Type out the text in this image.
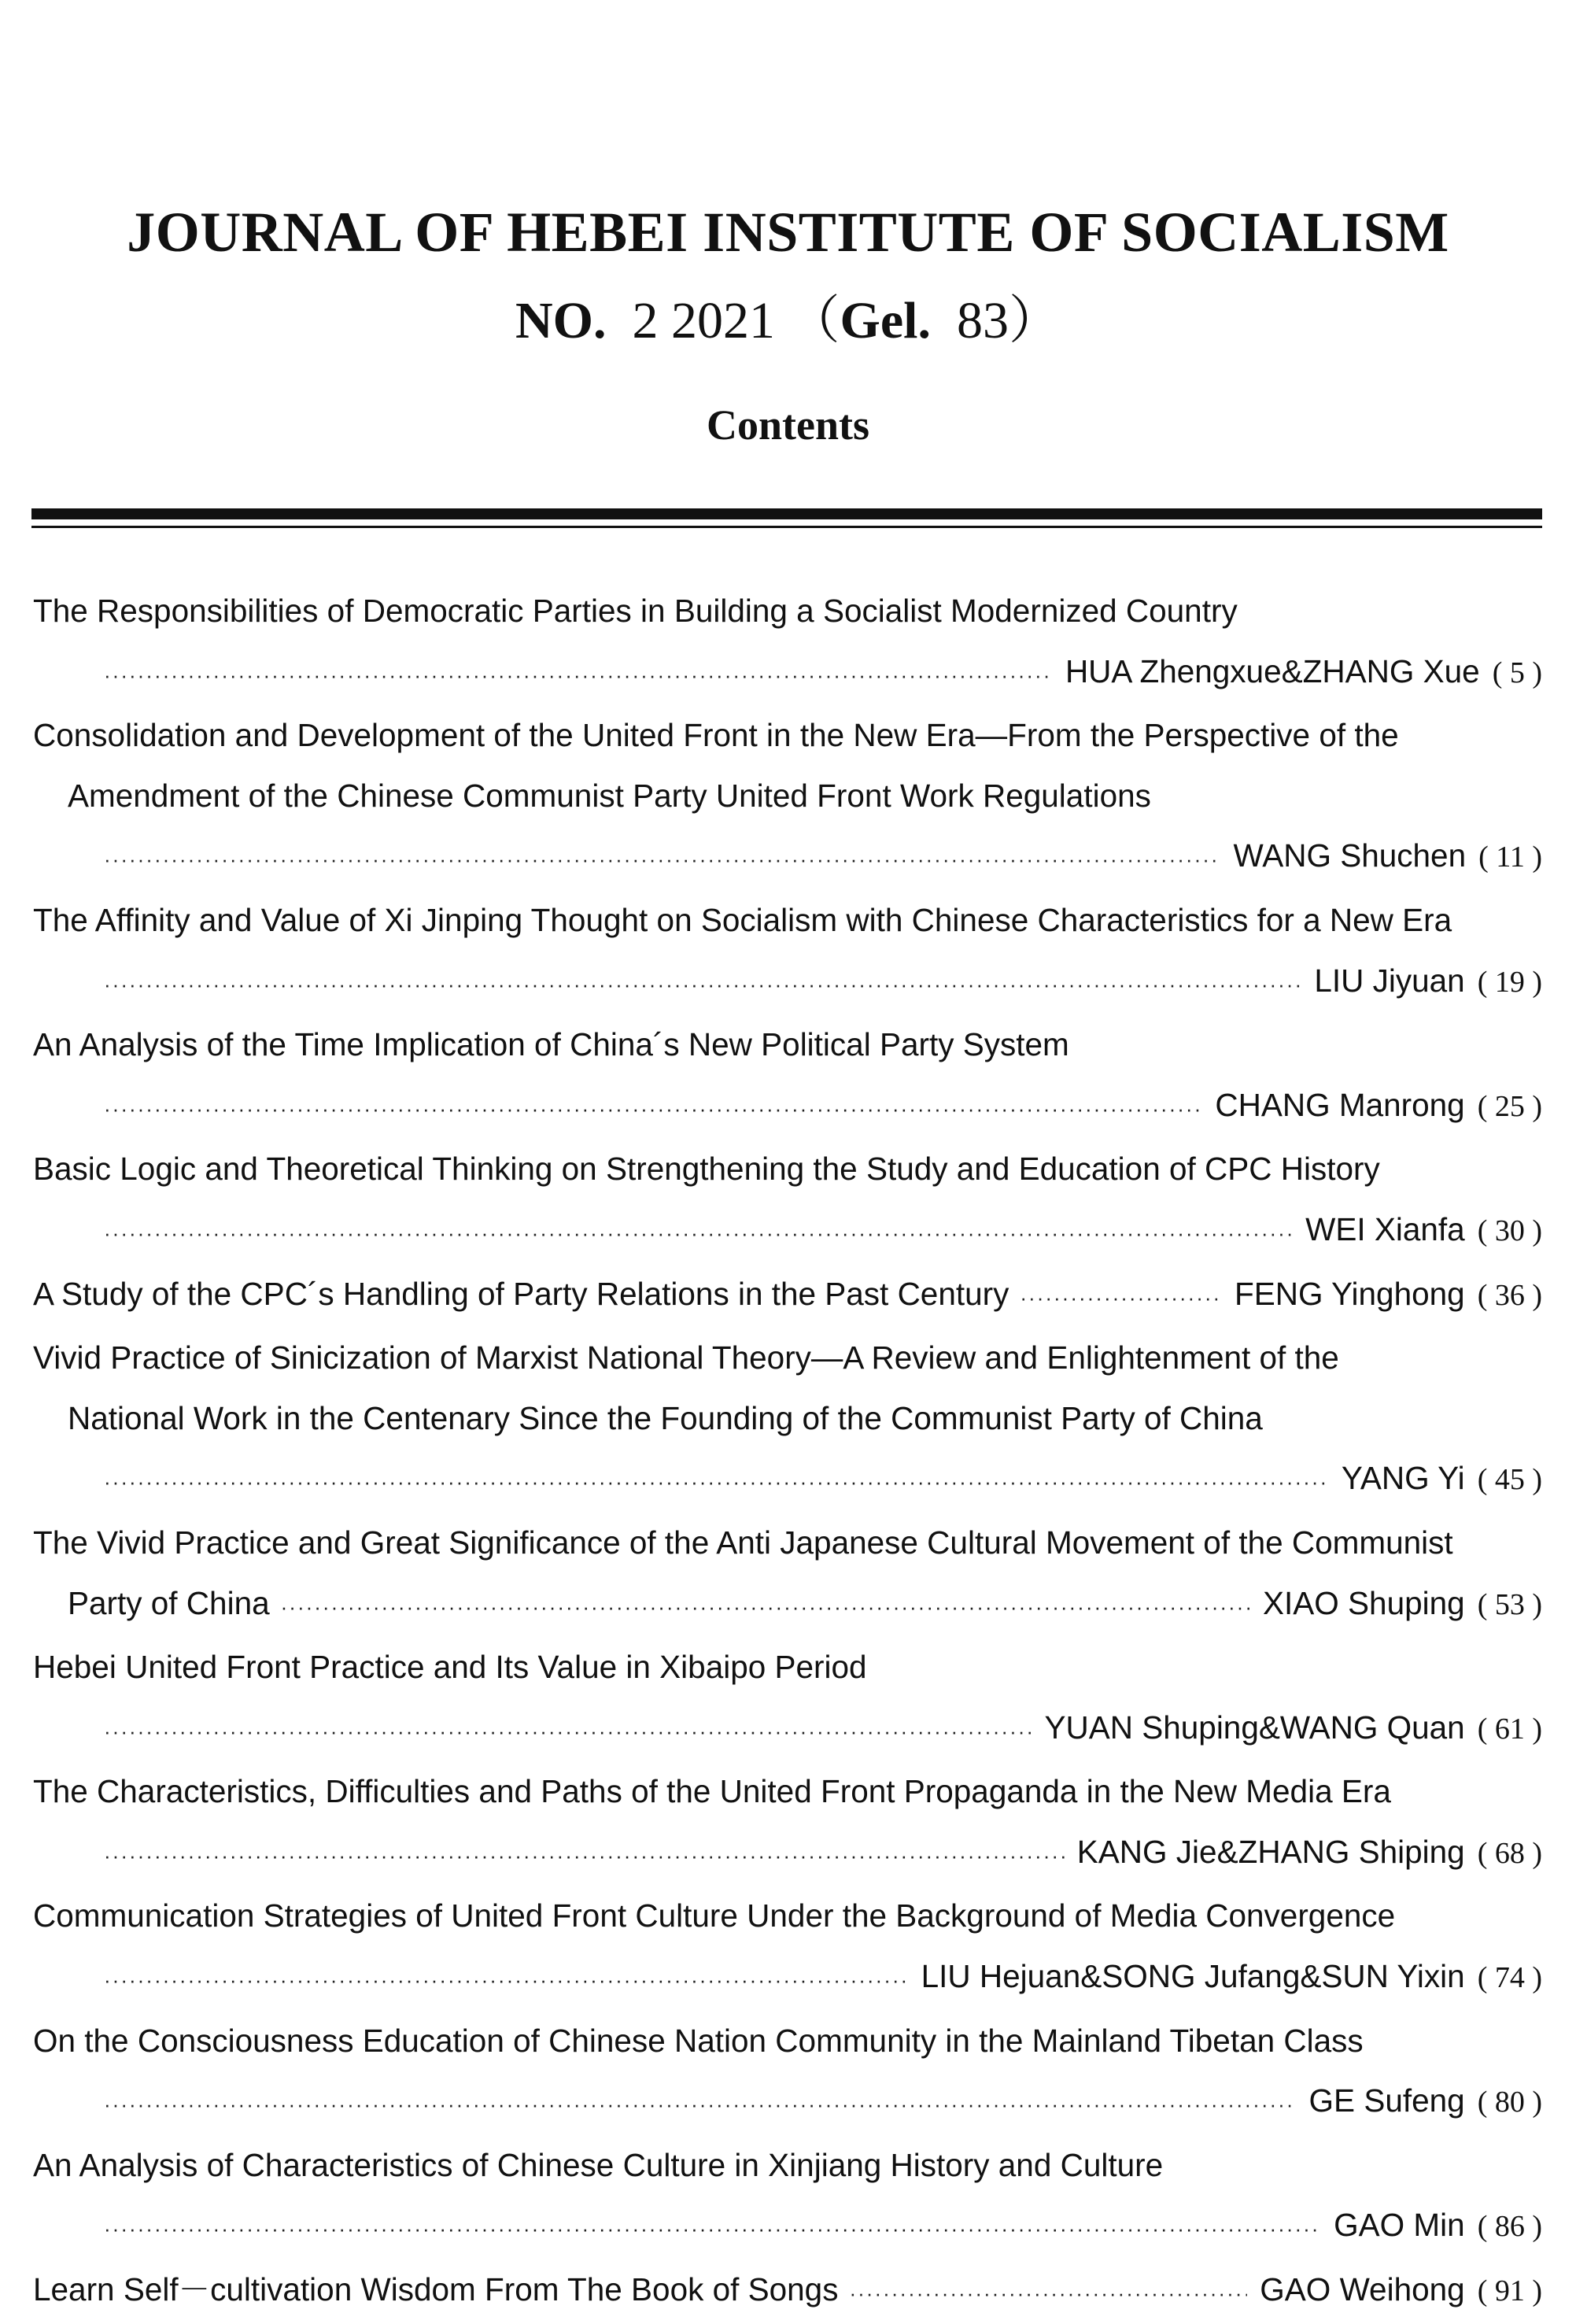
JOURNAL OF HEBEI INSTITUTE OF SOCIALISM
NO. 2 2021 （Gel. 83）
Contents
The Responsibilities of Democratic Parties in Building a Socialist Modernized Country
·····
HUA Zhengxue&ZHANG Xue ( 5 )
Consolidation and Development of the United Front in the New Era—From the Perspective of the
Amendment of the Chinese Communist Party United Front Work Regulations
·····
WANG Shuchen ( 11 )
The Affinity and Value of Xi Jinping Thought on Socialism with Chinese Characteristics for a New Era
·····
LIU Jiyuan ( 19 )
An Analysis of the Time Implication of China´s New Political Party System
·····
CHANG Manrong ( 25 )
Basic Logic and Theoretical Thinking on Strengthening the Study and Education of CPC History
·····
WEI Xianfa ( 30 )
A Study of the CPC´s Handling of Party Relations in the Past Century ·····	FENG Yinghong ( 36 )
Vivid Practice of Sinicization of Marxist National Theory—A Review and Enlightenment of the
National Work in the Centenary Since the Founding of the Communist Party of China
·····
YANG Yi ( 45 )
The Vivid Practice and Great Significance of the Anti Japanese Cultural Movement of the Communist
Party of China ·····	XIAO Shuping ( 53 )
Hebei United Front Practice and Its Value in Xibaipo Period
·····
YUAN Shuping&WANG Quan ( 61 )
The Characteristics, Difficulties and Paths of the United Front Propaganda in the New Media Era
·····
KANG Jie&ZHANG Shiping ( 68 )
Communication Strategies of United Front Culture Under the Background of Media Convergence
·····
LIU Hejuan&SONG Jufang&SUN Yixin ( 74 )
On the Consciousness Education of Chinese Nation Community in the Mainland Tibetan Class
·····
GE Sufeng ( 80 )
An Analysis of Characteristics of Chinese Culture in Xinjiang History and Culture
·····
GAO Min ( 86 )
Learn Self－cultivation Wisdom From The Book of Songs ·····	GAO Weihong ( 91 )
